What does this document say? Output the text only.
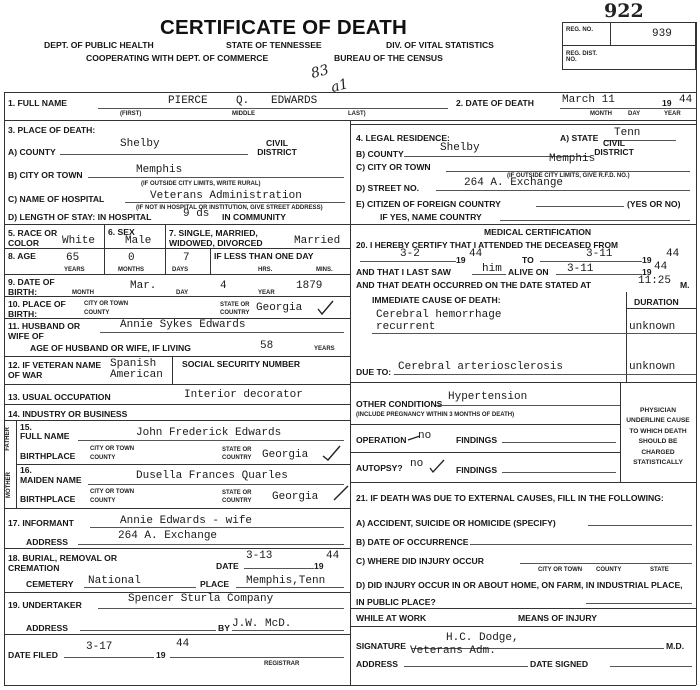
922
CERTIFICATE OF DEATH
DEPT. OF PUBLIC HEALTH	STATE OF TENNESSEE	DIV. OF VITAL STATISTICS
COOPERATING WITH DEPT. OF COMMERCE	BUREAU OF THE CENSUS
83
a1
REG. NO.	939
REG. DIST. NO.
1. FULL NAME	PIERCE	Q. EDWARDS
(FIRST)	MIDDLE	LAST)
2. DATE OF DEATH	March 11	19 44
MONTH	DAY	YEAR
3. PLACE OF DEATH:
A) COUNTY
Shelby	CIVIL DISTRICT
B) CITY OR TOWN	Memphis
(IF OUTSIDE CITY LIMITS, WRITE RURAL)
C) NAME OF HOSPITAL	Veterans Administration
(IF NOT IN HOSPITAL OR INSTITUTION, GIVE STREET ADDRESS)
D) LENGTH OF STAY: IN HOSPITAL	9 ds IN COMMUNITY
4. LEGAL RESIDENCE:	A) STATE Tenn
B) COUNTY	Shelby	CIVIL DISTRICT
C) CITY OR TOWN
Memphis
(IF OUTSIDE CITY LIMITS, GIVE R.F.D. NO.)
D) STREET NO.	264 A. Exchange
E) CITIZEN OF FOREIGN COUNTRY	(YES OR NO)
IF YES, NAME COUNTRY
5. RACE OR COLOR	White
6. SEX
Male
7. SINGLE, MARRIED, WIDOWED, DIVORCED	Married
8. AGE	65	0	7	IF LESS THAN ONE DAY
YEARS	MONTHS	DAYS	HRS.	MINS.
9. DATE OF BIRTH:	MONTH
Mar.
DAY
4
YEAR
1879
10. PLACE OF BIRTH:
CITY OR TOWN
COUNTY
STATE OR COUNTRY Georgia
11. HUSBAND OR WIFE OF
Annie Sykes Edwards
AGE OF HUSBAND OR WIFE, IF LIVING	58	YEARS
12. IF VETERAN NAME OF WAR
Spanish American
SOCIAL SECURITY NUMBER
13. USUAL OCCUPATION	Interior decorator
14. INDUSTRY OR BUSINESS
FATHER
MOTHER
15.
FULL NAME	John Frederick Edwards
BIRTHPLACE
CITY OR TOWN
COUNTY
STATE OR COUNTRY Georgia
16.
MAIDEN NAME	Dusella Frances Quarles
BIRTHPLACE
CITY OR TOWN
COUNTY
STATE OR COUNTRY	Georgia
17. INFORMANT	Annie Edwards - wife
ADDRESS	264 A. Exchange
18. BURIAL, REMOVAL OR CREMATION
3-13
DATE	19
44
CEMETERY National	PLACE Memphis,Tenn
19. UNDERTAKER	Spencer Sturla Company
ADDRESS	BY J.W. McD.
3-17	44
DATE FILED	19
REGISTRAR
MEDICAL CERTIFICATION
20. I HEREBY CERTIFY THAT I ATTENDED THE DECEASED FROM
3-2	19 44	TO	3-11	19 44
AND THAT I LAST SAW	him ALIVE ON 3-11	19 44
AND THAT DEATH OCCURRED ON THE DATE STATED AT	11:25 M.
IMMEDIATE CAUSE OF DEATH:	DURATION
Cerebral hemorrhage
recurrent	unknown
DUE TO: Cerebral arteriosclerosis	unknown
OTHER CONDITIONS
Hypertension
(INCLUDE PREGNANCY WITHIN 3 MONTHS OF DEATH)
PHYSICIAN UNDERLINE CAUSE TO WHICH DEATH SHOULD BE CHARGED STATISTICALLY
OPERATION no	FINDINGS
AUTOPSY? no	FINDINGS
21. IF DEATH WAS DUE TO EXTERNAL CAUSES, FILL IN THE FOLLOWING:
A) ACCIDENT, SUICIDE OR HOMICIDE (SPECIFY)
B) DATE OF OCCURRENCE
C) WHERE DID INJURY OCCUR
CITY OR TOWN COUNTY	STATE
D) DID INJURY OCCUR IN OR ABOUT HOME, ON FARM, IN INDUSTRIAL PLACE, IN PUBLIC PLACE?
WHILE AT WORK	MEANS OF INJURY
H.C. Dodge,
SIGNATURE	M.D.
Veterans Adm.
ADDRESS	DATE SIGNED
